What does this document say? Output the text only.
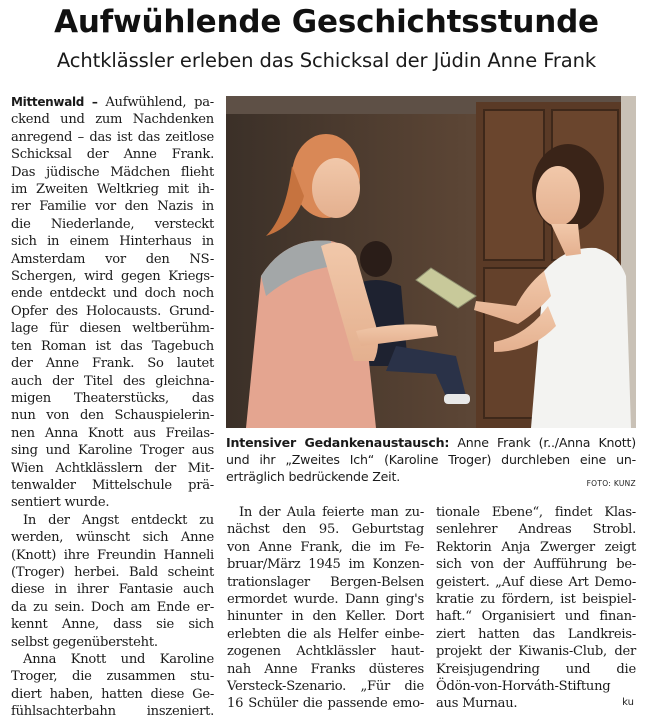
Aufwühlende Geschichtsstunde
Achtklässler erleben das Schicksal der Jüdin Anne Frank
Mittenwald – Aufwühlend, pa-
ckend und zum Nachdenken
anregend – das ist das zeitlose
Schicksal der Anne Frank.
Das jüdische Mädchen flieht
im Zweiten Weltkrieg mit ih-
rer Familie vor den Nazis in
die Niederlande, versteckt
sich in einem Hinterhaus in
Amsterdam vor den NS-
Schergen, wird gegen Kriegs-
ende entdeckt und doch noch
Opfer des Holocausts. Grund-
lage für diesen weltberühm-
ten Roman ist das Tagebuch
der Anne Frank. So lautet
auch der Titel des gleichna-
migen Theaterstücks, das
nun von den Schauspielerin-
nen Anna Knott aus Freilas-
sing und Karoline Troger aus
Wien Achtklässlern der Mit-
tenwalder Mittelschule prä-
sentiert wurde.
In der Angst entdeckt zu
werden, wünscht sich Anne
(Knott) ihre Freundin Hanneli
(Troger) herbei. Bald scheint
diese in ihrer Fantasie auch
da zu sein. Doch am Ende er-
kennt Anne, dass sie sich
selbst gegenübersteht.
Anna Knott und Karoline
Troger, die zusammen stu-
diert haben, hatten diese Ge-
fühlsachterbahn inszeniert.
Intensiver Gedankenaustausch: Anne Frank (r../Anna Knott)
und ihr „Zweites Ich“ (Karoline Troger) durchleben eine un-
erträglich bedrückende Zeit.	FOTO: KUNZ
In der Aula feierte man zu-
nächst den 95. Geburtstag
von Anne Frank, die im Fe-
bruar/März 1945 im Konzen-
trationslager Bergen-Belsen
ermordet wurde. Dann ging's
hinunter in den Keller. Dort
erlebten die als Helfer einbe-
zogenen Achtklässler haut-
nah Anne Franks düsteres
Versteck-Szenario. „Für die
16 Schüler die passende emo-
tionale Ebene“, findet Klas-
senlehrer Andreas Strobl.
Rektorin Anja Zwerger zeigt
sich von der Aufführung be-
geistert. „Auf diese Art Demo-
kratie zu fördern, ist beispiel-
haft.“ Organisiert und finan-
ziert hatten das Landkreis-
projekt der Kiwanis-Club, der
Kreisjugendring und die
Ödön-von-Horváth-Stiftung
aus Murnau.	ku
